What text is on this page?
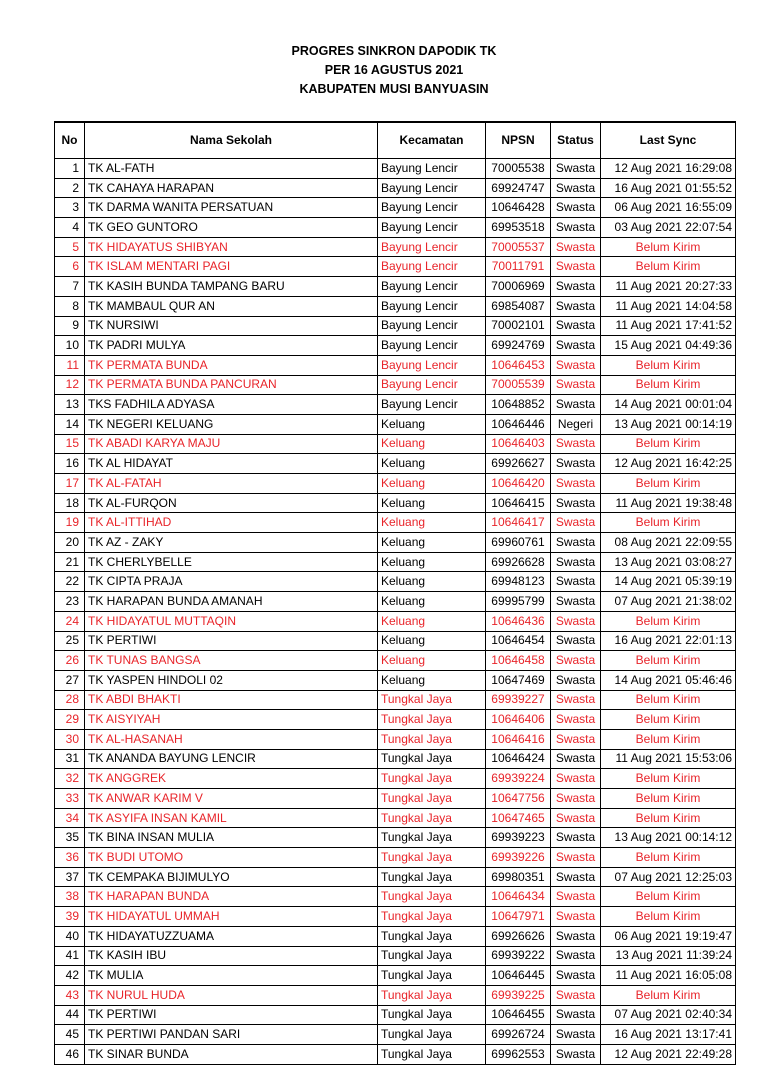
PROGRES SINKRON DAPODIK TK
PER 16 AGUSTUS 2021
KABUPATEN MUSI BANYUASIN
No	Nama Sekolah	Kecamatan	NPSN	Status	Last Sync
1	TK AL-FATH	Bayung Lencir	70005538	Swasta	12 Aug 2021 16:29:08
2	TK CAHAYA HARAPAN	Bayung Lencir	69924747	Swasta	16 Aug 2021 01:55:52
3	TK DARMA WANITA PERSATUAN	Bayung Lencir	10646428	Swasta	06 Aug 2021 16:55:09
4	TK GEO GUNTORO	Bayung Lencir	69953518	Swasta	03 Aug 2021 22:07:54
5	TK HIDAYATUS SHIBYAN	Bayung Lencir	70005537	Swasta	Belum Kirim
6	TK ISLAM MENTARI PAGI	Bayung Lencir	70011791	Swasta	Belum Kirim
7	TK KASIH BUNDA TAMPANG BARU	Bayung Lencir	70006969	Swasta	11 Aug 2021 20:27:33
8	TK MAMBAUL QUR AN	Bayung Lencir	69854087	Swasta	11 Aug 2021 14:04:58
9	TK NURSIWI	Bayung Lencir	70002101	Swasta	11 Aug 2021 17:41:52
10	TK PADRI MULYA	Bayung Lencir	69924769	Swasta	15 Aug 2021 04:49:36
11	TK PERMATA BUNDA	Bayung Lencir	10646453	Swasta	Belum Kirim
12	TK PERMATA BUNDA PANCURAN	Bayung Lencir	70005539	Swasta	Belum Kirim
13	TKS FADHILA ADYASA	Bayung Lencir	10648852	Swasta	14 Aug 2021 00:01:04
14	TK NEGERI KELUANG	Keluang	10646446	Negeri	13 Aug 2021 00:14:19
15	TK ABADI KARYA MAJU	Keluang	10646403	Swasta	Belum Kirim
16	TK AL HIDAYAT	Keluang	69926627	Swasta	12 Aug 2021 16:42:25
17	TK AL-FATAH	Keluang	10646420	Swasta	Belum Kirim
18	TK AL-FURQON	Keluang	10646415	Swasta	11 Aug 2021 19:38:48
19	TK AL-ITTIHAD	Keluang	10646417	Swasta	Belum Kirim
20	TK AZ - ZAKY	Keluang	69960761	Swasta	08 Aug 2021 22:09:55
21	TK CHERLYBELLE	Keluang	69926628	Swasta	13 Aug 2021 03:08:27
22	TK CIPTA PRAJA	Keluang	69948123	Swasta	14 Aug 2021 05:39:19
23	TK HARAPAN BUNDA AMANAH	Keluang	69995799	Swasta	07 Aug 2021 21:38:02
24	TK HIDAYATUL MUTTAQIN	Keluang	10646436	Swasta	Belum Kirim
25	TK PERTIWI	Keluang	10646454	Swasta	16 Aug 2021 22:01:13
26	TK TUNAS BANGSA	Keluang	10646458	Swasta	Belum Kirim
27	TK YASPEN HINDOLI 02	Keluang	10647469	Swasta	14 Aug 2021 05:46:46
28	TK ABDI BHAKTI	Tungkal Jaya	69939227	Swasta	Belum Kirim
29	TK AISYIYAH	Tungkal Jaya	10646406	Swasta	Belum Kirim
30	TK AL-HASANAH	Tungkal Jaya	10646416	Swasta	Belum Kirim
31	TK ANANDA BAYUNG LENCIR	Tungkal Jaya	10646424	Swasta	11 Aug 2021 15:53:06
32	TK ANGGREK	Tungkal Jaya	69939224	Swasta	Belum Kirim
33	TK ANWAR KARIM V	Tungkal Jaya	10647756	Swasta	Belum Kirim
34	TK ASYIFA INSAN KAMIL	Tungkal Jaya	10647465	Swasta	Belum Kirim
35	TK BINA INSAN MULIA	Tungkal Jaya	69939223	Swasta	13 Aug 2021 00:14:12
36	TK BUDI UTOMO	Tungkal Jaya	69939226	Swasta	Belum Kirim
37	TK CEMPAKA BIJIMULYO	Tungkal Jaya	69980351	Swasta	07 Aug 2021 12:25:03
38	TK HARAPAN BUNDA	Tungkal Jaya	10646434	Swasta	Belum Kirim
39	TK HIDAYATUL UMMAH	Tungkal Jaya	10647971	Swasta	Belum Kirim
40	TK HIDAYATUZZUAMA	Tungkal Jaya	69926626	Swasta	06 Aug 2021 19:19:47
41	TK KASIH IBU	Tungkal Jaya	69939222	Swasta	13 Aug 2021 11:39:24
42	TK MULIA	Tungkal Jaya	10646445	Swasta	11 Aug 2021 16:05:08
43	TK NURUL HUDA	Tungkal Jaya	69939225	Swasta	Belum Kirim
44	TK PERTIWI	Tungkal Jaya	10646455	Swasta	07 Aug 2021 02:40:34
45	TK PERTIWI PANDAN SARI	Tungkal Jaya	69926724	Swasta	16 Aug 2021 13:17:41
46	TK SINAR BUNDA	Tungkal Jaya	69962553	Swasta	12 Aug 2021 22:49:28
